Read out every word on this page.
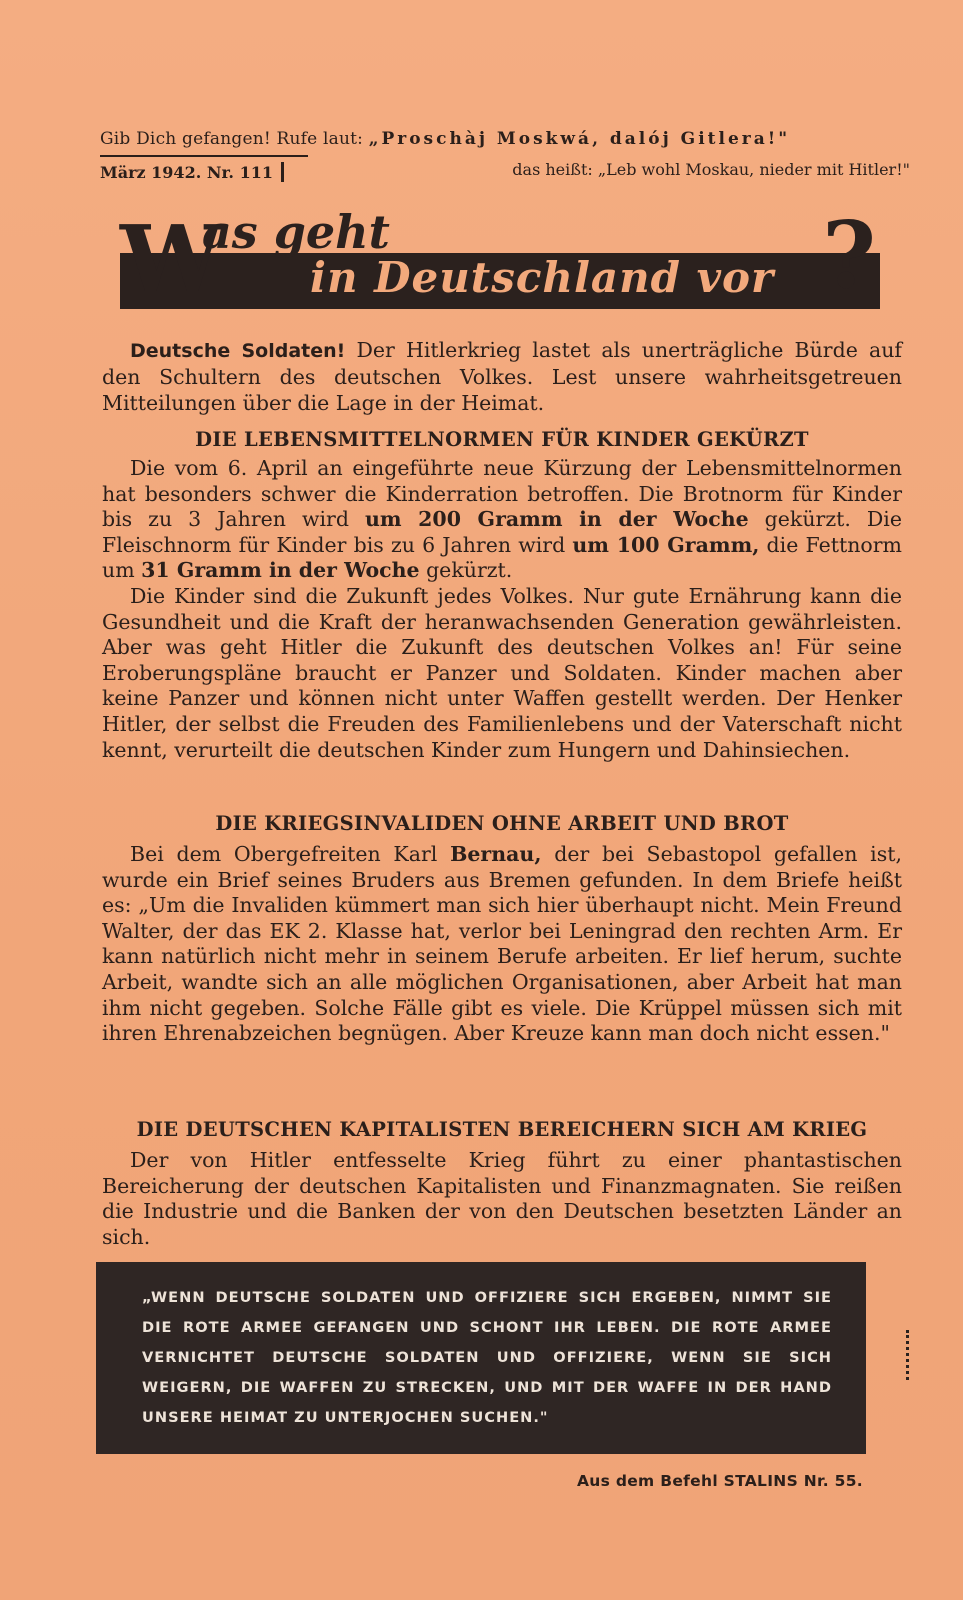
Gib Dich gefangen! Rufe laut: „Proschàj Moskwá, dalój Gitlera!"
März 1942. Nr. 111	das heißt: „Leb wohl Moskau, nieder mit Hitler!"
W
as geht
in Deutschland vor ?
Deutsche Soldaten! Der Hitlerkrieg lastet als unerträgliche Bürde auf den Schultern des deutschen Volkes. Lest unsere wahrheitsgetreuen Mitteilungen über die Lage in der Heimat.
DIE LEBENSMITTELNORMEN FÜR KINDER GEKÜRZT

Die vom 6. April an eingeführte neue Kürzung der Lebensmittelnormen hat besonders schwer die Kinderration betroffen. Die Brotnorm für Kinder bis zu 3 Jahren wird um 200 Gramm in der Woche gekürzt. Die Fleischnorm für Kinder bis zu 6 Jahren wird um 100 Gramm, die Fettnorm um 31 Gramm in der Woche gekürzt.

Die Kinder sind die Zukunft jedes Volkes. Nur gute Ernährung kann die Gesundheit und die Kraft der heranwachsenden Generation gewährleisten. Aber was geht Hitler die Zukunft des deutschen Volkes an! Für seine Eroberungspläne braucht er Panzer und Soldaten. Kinder machen aber keine Panzer und können nicht unter Waffen gestellt werden. Der Henker Hitler, der selbst die Freuden des Familienlebens und der Vaterschaft nicht kennt, verurteilt die deutschen Kinder zum Hungern und Dahinsiechen.

DIE KRIEGSINVALIDEN OHNE ARBEIT UND BROT

Bei dem Obergefreiten Karl Bernau, der bei Sebastopol gefallen ist, wurde ein Brief seines Bruders aus Bremen gefunden. In dem Briefe heißt es: „Um die Invaliden kümmert man sich hier überhaupt nicht. Mein Freund Walter, der das EK 2. Klasse hat, verlor bei Leningrad den rechten Arm. Er kann natürlich nicht mehr in seinem Berufe arbeiten. Er lief herum, suchte Arbeit, wandte sich an alle möglichen Organisationen, aber Arbeit hat man ihm nicht gegeben. Solche Fälle gibt es viele. Die Krüppel müssen sich mit ihren Ehrenabzeichen begnügen. Aber Kreuze kann man doch nicht essen."

DIE DEUTSCHEN KAPITALISTEN BEREICHERN SICH AM KRIEG

Der von Hitler entfesselte Krieg führt zu einer phantastischen Bereicherung der deutschen Kapitalisten und Finanzmagnaten. Sie reißen die Industrie und die Banken der von den Deutschen besetzten Länder an sich.

„WENN DEUTSCHE SOLDATEN UND OFFIZIERE SICH ERGEBEN, NIMMT SIE DIE ROTE ARMEE GEFANGEN UND SCHONT IHR LEBEN. DIE ROTE ARMEE VERNICHTET DEUTSCHE SOLDATEN UND OFFIZIERE, WENN SIE SICH WEIGERN, DIE WAFFEN ZU STRECKEN, UND MIT DER WAFFE IN DER HAND UNSERE HEIMAT ZU UNTERJOCHEN SUCHEN."
Aus dem Befehl STALINS Nr. 55.
